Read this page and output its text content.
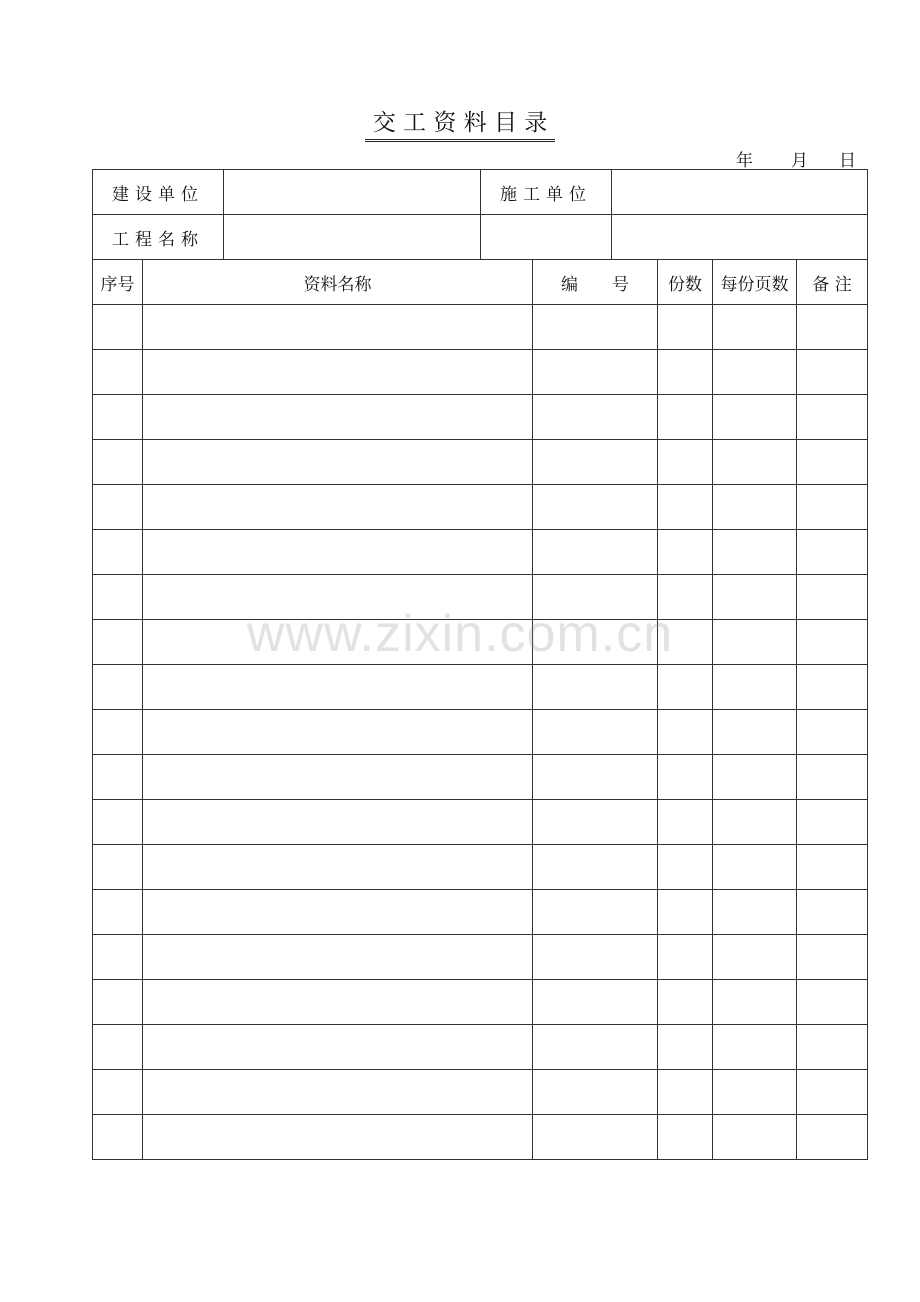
交 工 资 料 目 录
年 月 日
建设单位		施工单位	
工程名称			
序号	资料名称	编　　号	份数	每份页数	备 注

www.zixin.com.cn
